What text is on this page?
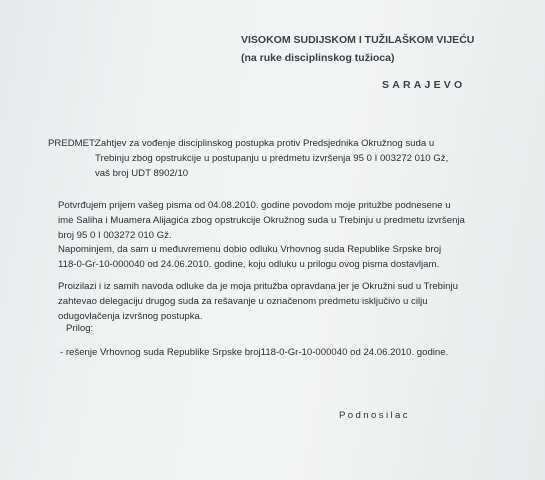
VISOKOM SUDIJSKOM I TUŽILAŠKOM VIJEĆU
(na ruke disciplinskog tužioca)
SARAJEVO
PREDMET:Zahtjev za vođenje disciplinskog postupka protiv Predsjednika Okružnog suda u
Trebinju zbog opstrukcije u postupanju u predmetu izvršenja 95 0 I 003272 010 Gž,
vaš broj UDT 8902/10
Potvrđujem prijem vašeg pisma od 04.08.2010. godine povodom moje pritužbe podnesene u
ime Saliha i Muamera Alijagića zbog opstrukcije Okružnog suda u Trebinju u predmetu izvršenja
broj 95 0 I 003272 010 Gž.
Napominjem, da sam u međuvremenu dobio odluku Vrhovnog suda Republike Srpske broj
118-0-Gr-10-000040 od 24.06.2010. godine, koju odluku u prilogu ovog pisma dostavljam.
Proizilazi i iz samih navoda odluke da je moja pritužba opravdana jer je Okružni sud u Trebinju
zahtevao delegaciju drugog suda za rešavanje u označenom predmetu isključivo u cilju
odugovlačenja izvršnog postupka.
Prilog:
- rešenje Vrhovnog suda Republike Srpske broj118-0-Gr-10-000040 od 24.06.2010. godine.
Podnosilac
